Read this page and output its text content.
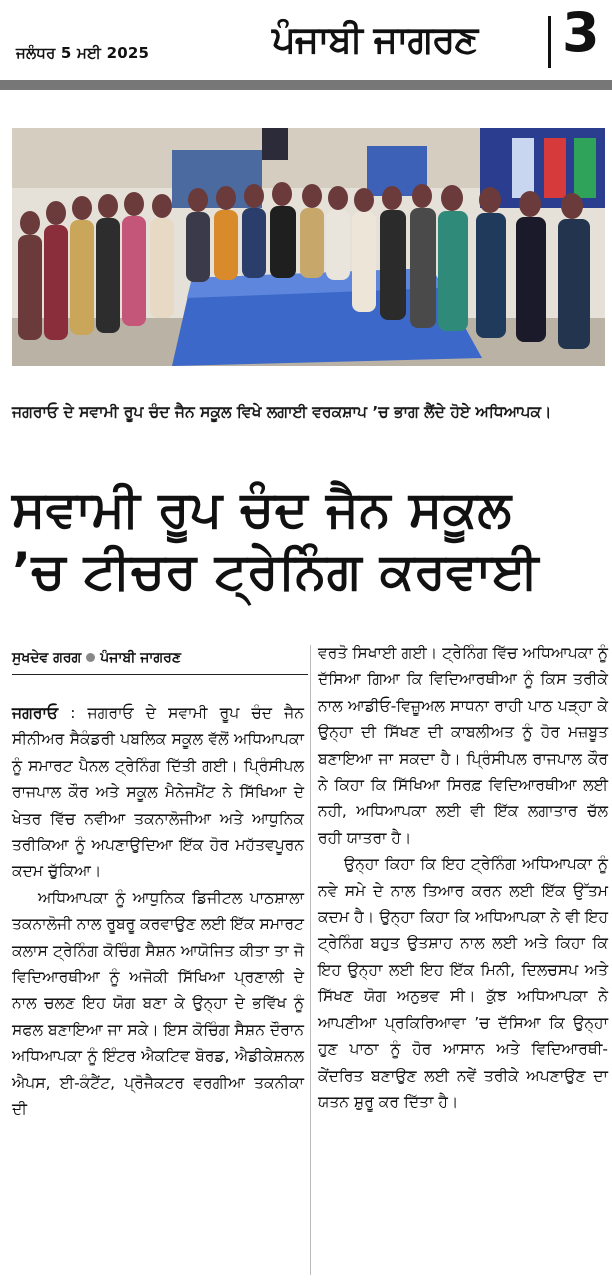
ਜਲੰਧਰ 5 ਮਈ 2025	ਪੰਜਾਬੀ ਜਾਗਰਣ 3
ਜਗਰਾਓ ਦੇ ਸਵਾਮੀ ਰੂਪ ਚੰਦ ਜੈਨ ਸਕੂਲ ਵਿਖੇ ਲਗਾਈ ਵਰਕਸ਼ਾਪ ’ਚ ਭਾਗ ਲੈਂਦੇ ਹੋਏ ਅਧਿਆਪਕ।
ਸਵਾਮੀ ਰੂਪ ਚੰਦ ਜੈਨ ਸਕੂਲ
’ਚ ਟੀਚਰ ਟ੍ਰੇਨਿੰਗ ਕਰਵਾਈ
ਸੁਖਦੇਵ ਗਰਗ ਪੰਜਾਬੀ ਜਾਗਰਣ

ਜਗਰਾਓ : ਜਗਰਾਓ ਦੇ ਸਵਾਮੀ ਰੂਪ ਚੰਦ ਜੈਨ ਸੀਨੀਅਰ ਸੈਕੰਡਰੀ ਪਬਲਿਕ ਸਕੂਲ ਵੱਲੋਂ ਅਧਿਆਪਕਾ ਨੂੰ ਸਮਾਰਟ ਪੈਨਲ ਟ੍ਰੇਨਿੰਗ ਦਿੱਤੀ ਗਈ। ਪ੍ਰਿੰਸੀਪਲ ਰਾਜਪਾਲ ਕੌਰ ਅਤੇ ਸਕੂਲ ਮੈਨੇਜਮੈਂਟ ਨੇ ਸਿੱਖਿਆ ਦੇ ਖੇਤਰ ਵਿੱਚ ਨਵੀਆ ਤਕਨਾਲੋਜੀਆ ਅਤੇ ਆਧੁਨਿਕ ਤਰੀਕਿਆ ਨੂੰ ਅਪਣਾਉਦਿਆ ਇੱਕ ਹੋਰ ਮਹੱਤਵਪੂਰਨ ਕਦਮ ਚੁੱਕਿਆ।

ਅਧਿਆਪਕਾ ਨੂੰ ਆਧੁਨਿਕ ਡਿਜੀਟਲ ਪਾਠਸ਼ਾਲਾ ਤਕਨਾਲੋਜੀ ਨਾਲ ਰੂਬਰੂ ਕਰਵਾਉਣ ਲਈ ਇੱਕ ਸਮਾਰਟ ਕਲਾਸ ਟ੍ਰੇਨਿੰਗ ਕੋਚਿੰਗ ਸੈਸ਼ਨ ਆਯੋਜਿਤ ਕੀਤਾ ਤਾ ਜੋ ਵਿਦਿਆਰਥੀਆ ਨੂੰ ਅਜੋਕੀ ਸਿੱਖਿਆ ਪ੍ਰਣਾਲੀ ਦੇ ਨਾਲ ਚਲਣ ਇਹ ਯੋਗ ਬਣਾ ਕੇ ਉਨ੍ਹਾ ਦੇ ਭਵਿੱਖ ਨੂੰ ਸਫਲ ਬਣਾਇਆ ਜਾ ਸਕੇ। ਇਸ ਕੋਚਿੰਗ ਸੈਸ਼ਨ ਦੌਰਾਨ ਅਧਿਆਪਕਾ ਨੂੰ ਇੰਟਰ ਐਕਟਿਵ ਬੋਰਡ, ਐਡੀਕੇਸ਼ਨਲ ਐਪਸ, ਈ-ਕੰਟੈਂਟ, ਪ੍ਰੋਜੈਕਟਰ ਵਰਗੀਆ ਤਕਨੀਕਾ ਦੀ

ਵਰਤੋ ਸਿਖਾਈ ਗਈ। ਟ੍ਰੇਨਿੰਗ ਵਿੱਚ ਅਧਿਆਪਕਾ ਨੂੰ ਦੱਸਿਆ ਗਿਆ ਕਿ ਵਿਦਿਆਰਥੀਆ ਨੂੰ ਕਿਸ ਤਰੀਕੇ ਨਾਲ ਆਡੀਓ-ਵਿਜ਼ੂਅਲ ਸਾਧਨਾ ਰਾਹੀ ਪਾਠ ਪੜ੍ਹਾ ਕੇ ਉਨ੍ਹਾ ਦੀ ਸਿੱਖਣ ਦੀ ਕਾਬਲੀਅਤ ਨੂੰ ਹੋਰ ਮਜ਼ਬੂਤ ਬਣਾਇਆ ਜਾ ਸਕਦਾ ਹੈ। ਪ੍ਰਿੰਸੀਪਲ ਰਾਜਪਾਲ ਕੌਰ ਨੇ ਕਿਹਾ ਕਿ ਸਿੱਖਿਆ ਸਿਰਫ਼ ਵਿਦਿਆਰਥੀਆ ਲਈ ਨਹੀ, ਅਧਿਆਪਕਾ ਲਈ ਵੀ ਇੱਕ ਲਗਾਤਾਰ ਚੱਲ ਰਹੀ ਯਾਤਰਾ ਹੈ।

ਉਨ੍ਹਾ ਕਿਹਾ ਕਿ ਇਹ ਟ੍ਰੇਨਿੰਗ ਅਧਿਆਪਕਾ ਨੂੰ ਨਵੇ ਸਮੇ ਦੇ ਨਾਲ ਤਿਆਰ ਕਰਨ ਲਈ ਇੱਕ ਉੱਤਮ ਕਦਮ ਹੈ। ਉਨ੍ਹਾ ਕਿਹਾ ਕਿ ਅਧਿਆਪਕਾ ਨੇ ਵੀ ਇਹ ਟ੍ਰੇਨਿੰਗ ਬਹੁਤ ਉਤਸ਼ਾਹ ਨਾਲ ਲਈ ਅਤੇ ਕਿਹਾ ਕਿ ਇਹ ਉਨ੍ਹਾ ਲਈ ਇਹ ਇੱਕ ਮਿਨੀ, ਦਿਲਚਸਪ ਅਤੇ ਸਿੱਖਣ ਯੋਗ ਅਨੁਭਵ ਸੀ। ਕੁੱਝ ਅਧਿਆਪਕਾ ਨੇ ਆਪਣੀਆ ਪ੍ਰਕਿਰਿਆਵਾ ’ਚ ਦੱਸਿਆ ਕਿ ਉਨ੍ਹਾ ਹੁਣ ਪਾਠਾ ਨੂੰ ਹੋਰ ਆਸਾਨ ਅਤੇ ਵਿਦਿਆਰਥੀ-ਕੇਂਦਰਿਤ ਬਣਾਉਣ ਲਈ ਨਵੇਂ ਤਰੀਕੇ ਅਪਣਾਉਣ ਦਾ ਯਤਨ ਸ਼ੁਰੂ ਕਰ ਦਿੱਤਾ ਹੈ।
